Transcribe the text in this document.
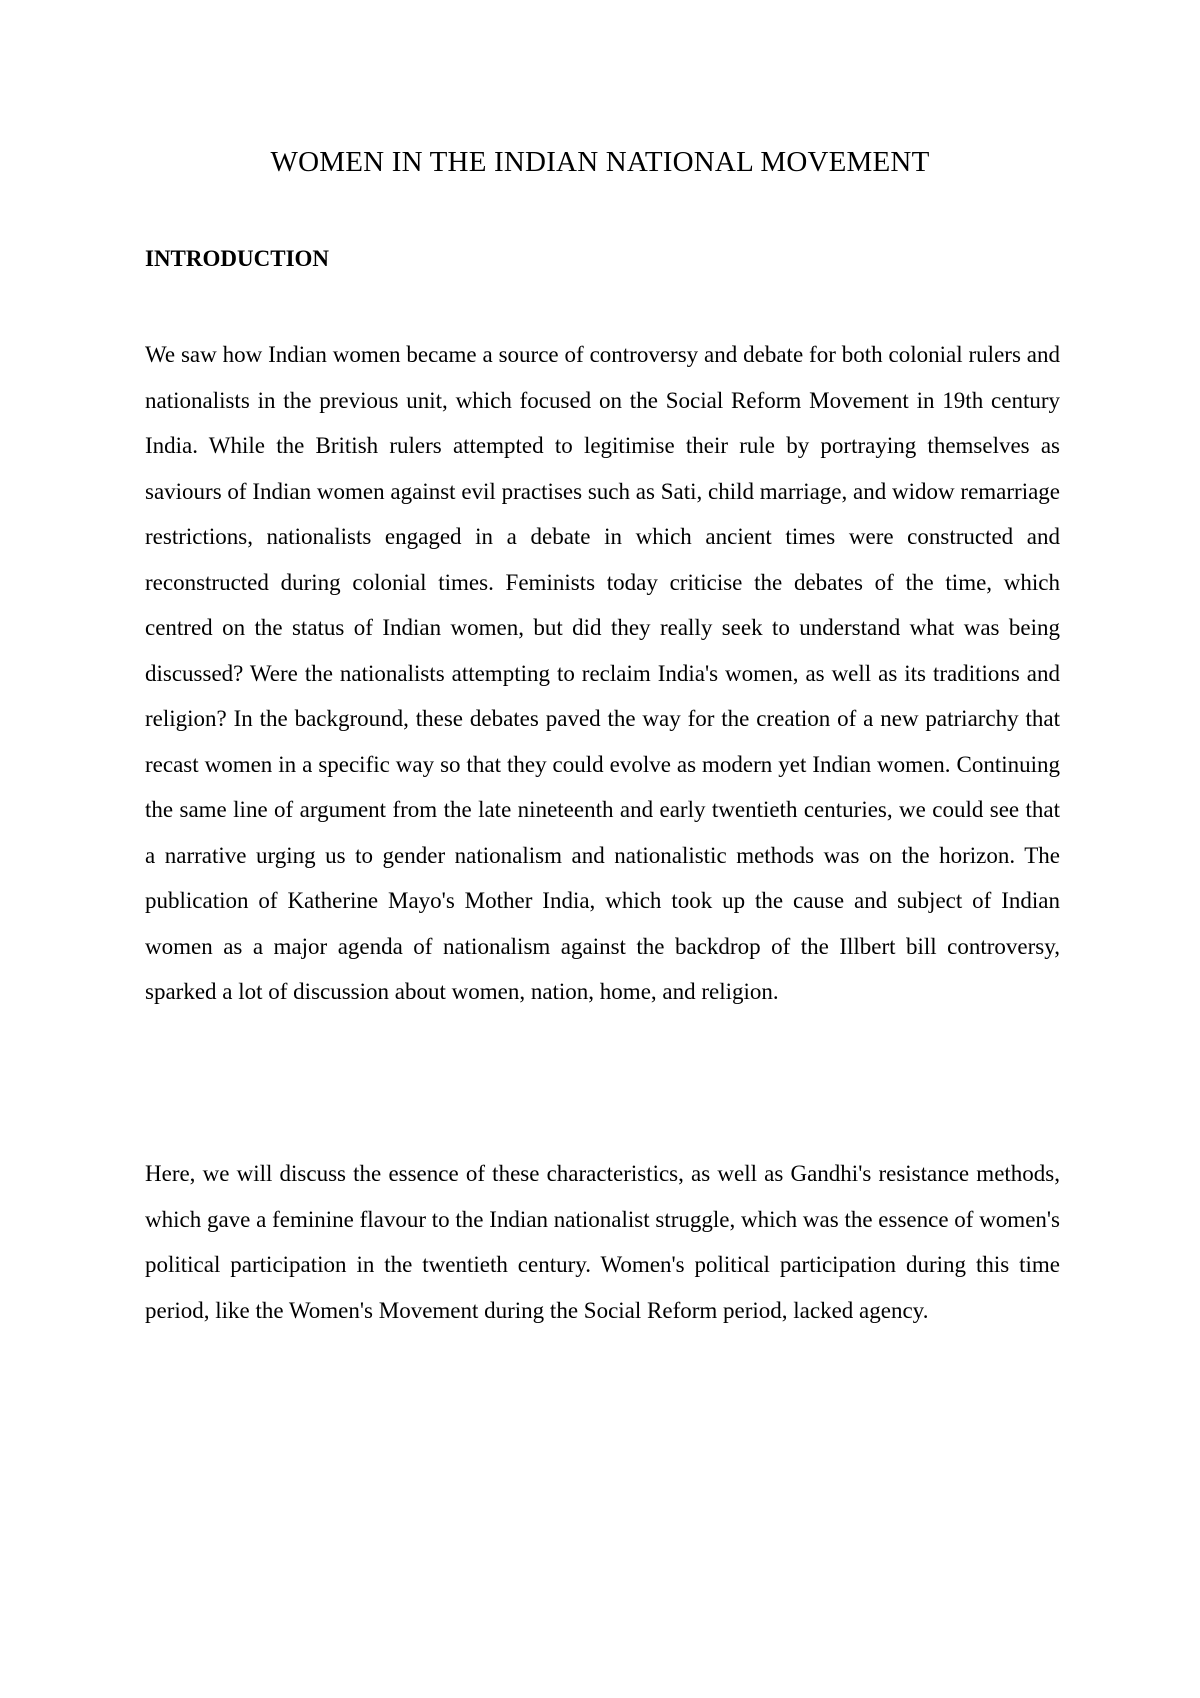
WOMEN IN THE INDIAN NATIONAL MOVEMENT
INTRODUCTION

We saw how Indian women became a source of controversy and debate for both colonial rulers and nationalists in the previous unit, which focused on the Social Reform Movement in 19th century India. While the British rulers attempted to legitimise their rule by portraying themselves as saviours of Indian women against evil practises such as Sati, child marriage, and widow remarriage restrictions, nationalists engaged in a debate in which ancient times were constructed and reconstructed during colonial times. Feminists today criticise the debates of the time, which centred on the status of Indian women, but did they really seek to understand what was being discussed? Were the nationalists attempting to reclaim India's women, as well as its traditions and religion? In the background, these debates paved the way for the creation of a new patriarchy that recast women in a specific way so that they could evolve as modern yet Indian women. Continuing the same line of argument from the late nineteenth and early twentieth centuries, we could see that a narrative urging us to gender nationalism and nationalistic methods was on the horizon. The publication of Katherine Mayo's Mother India, which took up the cause and subject of Indian women as a major agenda of nationalism against the backdrop of the Illbert bill controversy, sparked a lot of discussion about women, nation, home, and religion.

Here, we will discuss the essence of these characteristics, as well as Gandhi's resistance methods, which gave a feminine flavour to the Indian nationalist struggle, which was the essence of women's political participation in the twentieth century. Women's political participation during this time period, like the Women's Movement during the Social Reform period, lacked agency.
